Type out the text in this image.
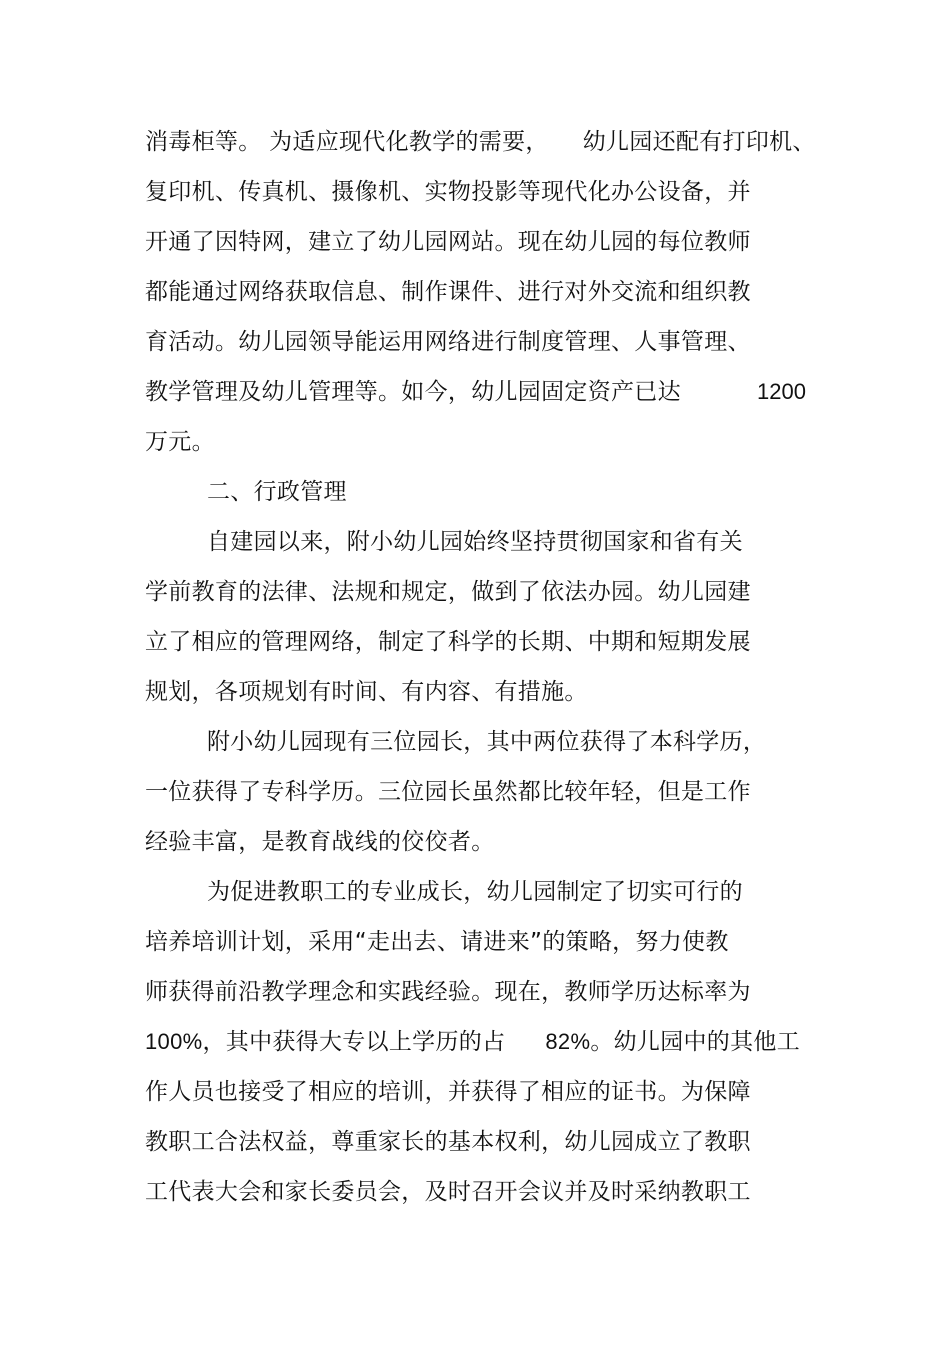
消毒柜等。 为适应现代化教学的需要， 幼儿园还配有打印机、
复印机、传真机、摄像机、实物投影等现代化办公设备，并
开通了因特网，建立了幼儿园网站。现在幼儿园的每位教师
都能通过网络获取信息、制作课件、进行对外交流和组织教
育活动。幼儿园领导能运用网络进行制度管理、人事管理、
教学管理及幼儿管理等。如今，幼儿园固定资产已达	1200
万元。
二、行政管理
自建园以来，附小幼儿园始终坚持贯彻国家和省有关
学前教育的法律、法规和规定，做到了依法办园。幼儿园建
立了相应的管理网络，制定了科学的长期、中期和短期发展
规划，各项规划有时间、有内容、有措施。
附小幼儿园现有三位园长，其中两位获得了本科学历，
一位获得了专科学历。三位园长虽然都比较年轻，但是工作
经验丰富，是教育战线的佼佼者。
为促进教职工的专业成长，幼儿园制定了切实可行的
培养培训计划，采用“走出去、请进来”的策略，努力使教
师获得前沿教学理念和实践经验。现在，教师学历达标率为
100%，其中获得大专以上学历的占 82%。幼儿园中的其他工
作人员也接受了相应的培训，并获得了相应的证书。为保障
教职工合法权益，尊重家长的基本权利，幼儿园成立了教职
工代表大会和家长委员会，及时召开会议并及时采纳教职工
